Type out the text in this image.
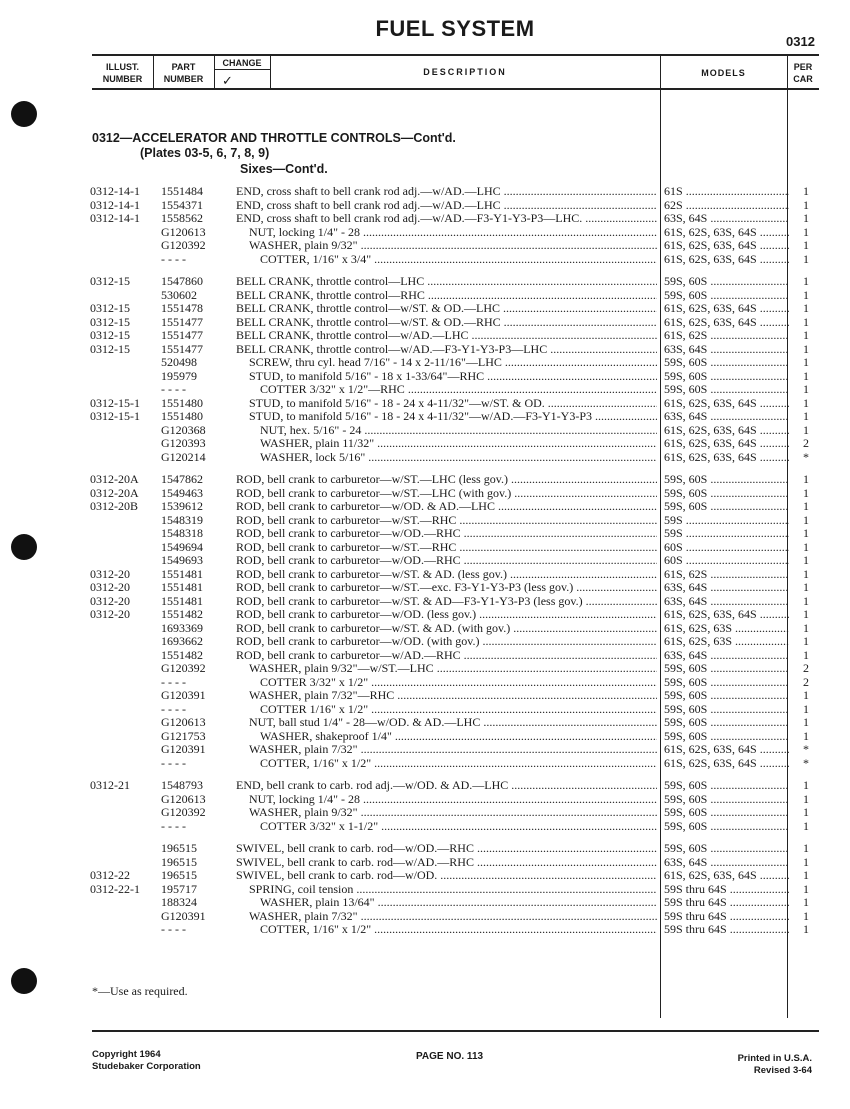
FUEL SYSTEM
0312
ILLUST.
NUMBER
PART
NUMBER
CHANGE
✓
DESCRIPTION	MODELS
PER
CAR
0312—ACCELERATOR AND THROTTLE CONTROLS—Cont'd.
(Plates 03-5, 6, 7, 8, 9)
Sixes—Cont'd.
0312-14-1 1551484	END, cross shaft to bell crank rod adj.—w/AD.—LHC .....	61S .....	1
0312-14-1 1554371	END, cross shaft to bell crank rod adj.—w/AD.—LHC .....	62S .....	1
0312-14-1 1558562	END, cross shaft to bell crank rod adj.—w/AD.—F3-Y1-Y3-P3—LHC. .....	63S, 64S .....	1
G120613	NUT, locking 1/4" - 28 .....	61S, 62S, 63S, 64S .....	1
G120392	WASHER, plain 9/32" .....	61S, 62S, 63S, 64S .....	1
- - - -	COTTER, 1/16" x 3/4" .....	61S, 62S, 63S, 64S .....	1
0312-15	1547860	BELL CRANK, throttle control—LHC .....	59S, 60S .....	1
530602	BELL CRANK, throttle control—RHC .....	59S, 60S .....	1
0312-15	1551478	BELL CRANK, throttle control—w/ST. & OD.—LHC .....	61S, 62S, 63S, 64S .....	1
0312-15	1551477	BELL CRANK, throttle control—w/ST. & OD.—RHC .....	61S, 62S, 63S, 64S .....	1
0312-15	1551477	BELL CRANK, throttle control—w/AD.—LHC .....	61S, 62S .....	1
0312-15	1551477	BELL CRANK, throttle control—w/AD.—F3-Y1-Y3-P3—LHC .....	63S, 64S .....	1
520498	SCREW, thru cyl. head 7/16" - 14 x 2-11/16"—LHC .....	59S, 60S .....	1
195979	STUD, to manifold 5/16" - 18 x 1-33/64"—RHC .....	59S, 60S .....	1
- - - -	COTTER 3/32" x 1/2"—RHC .....	59S, 60S .....	1
0312-15-1 1551480	STUD, to manifold 5/16" - 18 - 24 x 4-11/32"—w/ST. & OD. .....	61S, 62S, 63S, 64S .....	1
0312-15-1 1551480	STUD, to manifold 5/16" - 18 - 24 x 4-11/32"—w/AD.—F3-Y1-Y3-P3 .....	63S, 64S .....	1
G120368	NUT, hex. 5/16" - 24 .....	61S, 62S, 63S, 64S .....	1
G120393	WASHER, plain 11/32" .....	61S, 62S, 63S, 64S .....	2
G120214	WASHER, lock 5/16" .....	61S, 62S, 63S, 64S .....	*
0312-20A 1547862	ROD, bell crank to carburetor—w/ST.—LHC (less gov.) .....	59S, 60S .....	1
0312-20A 1549463	ROD, bell crank to carburetor—w/ST.—LHC (with gov.) .....	59S, 60S .....	1
0312-20B 1539612	ROD, bell crank to carburetor—w/OD. & AD.—LHC .....	59S, 60S .....	1
1548319	ROD, bell crank to carburetor—w/ST.—RHC .....	59S .....	1
1548318	ROD, bell crank to carburetor—w/OD.—RHC .....	59S .....	1
1549694	ROD, bell crank to carburetor—w/ST.—RHC .....	60S .....	1
1549693	ROD, bell crank to carburetor—w/OD.—RHC .....	60S .....	1
0312-20	1551481	ROD, bell crank to carburetor—w/ST. & AD. (less gov.) .....	61S, 62S .....	1
0312-20	1551481	ROD, bell crank to carburetor—w/ST.—exc. F3-Y1-Y3-P3 (less gov.) .....	63S, 64S .....	1
0312-20	1551481	ROD, bell crank to carburetor—w/ST. & AD—F3-Y1-Y3-P3 (less gov.) .....	63S, 64S .....	1
0312-20	1551482	ROD, bell crank to carburetor—w/OD. (less gov.) .....	61S, 62S, 63S, 64S .....	1
1693369	ROD, bell crank to carburetor—w/ST. & AD. (with gov.) .....	61S, 62S, 63S .....	1
1693662	ROD, bell crank to carburetor—w/OD. (with gov.) .....	61S, 62S, 63S .....	1
1551482	ROD, bell crank to carburetor—w/AD.—RHC .....	63S, 64S .....	1
G120392	WASHER, plain 9/32"—w/ST.—LHC .....	59S, 60S .....	2
- - - -	COTTER 3/32" x 1/2" .....	59S, 60S .....	2
G120391	WASHER, plain 7/32"—RHC .....	59S, 60S .....	1
- - - -	COTTER 1/16" x 1/2" .....	59S, 60S .....	1
G120613	NUT, ball stud 1/4" - 28—w/OD. & AD.—LHC .....	59S, 60S .....	1
G121753	WASHER, shakeproof 1/4" .....	59S, 60S .....	1
G120391	WASHER, plain 7/32" .....	61S, 62S, 63S, 64S .....	*
- - - -	COTTER, 1/16" x 1/2" .....	61S, 62S, 63S, 64S .....	*
0312-21	1548793	END, bell crank to carb. rod adj.—w/OD. & AD.—LHC .....	59S, 60S .....	1
G120613	NUT, locking 1/4" - 28 .....	59S, 60S .....	1
G120392	WASHER, plain 9/32" .....	59S, 60S .....	1
- - - -	COTTER 3/32" x 1-1/2" .....	59S, 60S .....	1
196515	SWIVEL, bell crank to carb. rod—w/OD.—RHC .....	59S, 60S .....	1
196515	SWIVEL, bell crank to carb. rod—w/AD.—RHC .....	63S, 64S .....	1
0312-22	196515	SWIVEL, bell crank to carb. rod—w/OD. .....	61S, 62S, 63S, 64S .....	1
0312-22-1 195717	SPRING, coil tension .....	59S thru 64S .....	1
188324	WASHER, plain 13/64" .....	59S thru 64S .....	1
G120391	WASHER, plain 7/32" .....	59S thru 64S .....	1
- - - -	COTTER, 1/16" x 1/2" .....	59S thru 64S .....	1
*—Use as required.
Copyright 1964
Studebaker Corporation
PAGE NO. 113	Printed in U.S.A.
Revised 3-64
